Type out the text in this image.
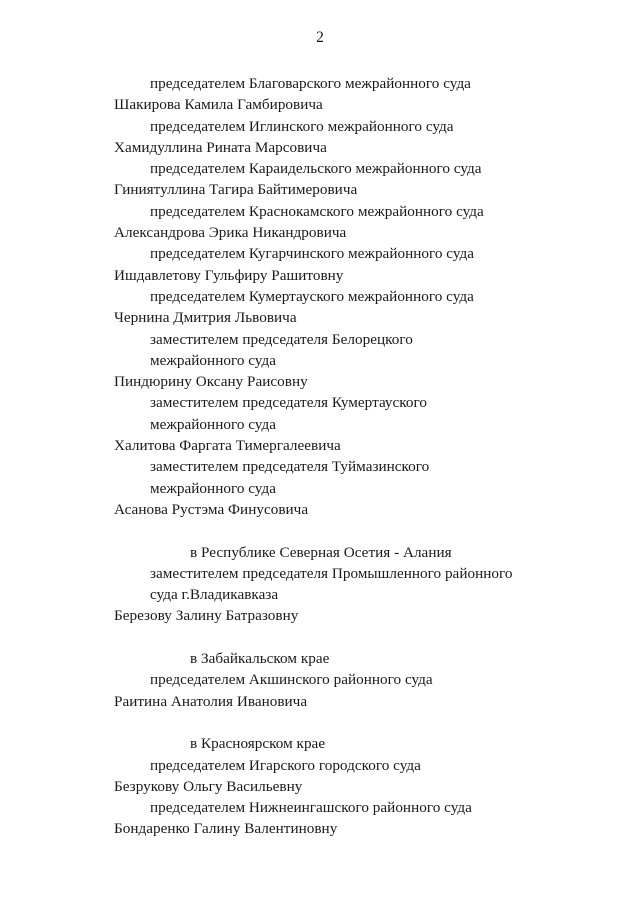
2
председателем Благоварского межрайонного суда
Шакирова Камила Гамбировича
председателем Иглинского межрайонного суда
Хамидуллина Рината Марсовича
председателем Караидельского межрайонного суда
Гиниятуллина Тагира Байтимеровича
председателем Краснокамского межрайонного суда
Александрова Эрика Никандровича
председателем Кугарчинского межрайонного суда
Ишдавлетову Гульфиру Рашитовну
председателем Кумертауского межрайонного суда
Чернина Дмитрия Львовича
заместителем председателя Белорецкого
межрайонного суда
Пиндюрину Оксану Раисовну
заместителем председателя Кумертауского
межрайонного суда
Халитова Фаргата Тимергалеевича
заместителем председателя Туймазинского
межрайонного суда
Асанова Рустэма Финусовича
в Республике Северная Осетия - Алания
заместителем председателя Промышленного районного
суда г.Владикавказа
Березову Залину Батразовну
в Забайкальском крае
председателем Акшинского районного суда
Раитина Анатолия Ивановича
в Красноярском крае
председателем Игарского городского суда
Безрукову Ольгу Васильевну
председателем Нижнеингашского районного суда
Бондаренко Галину Валентиновну
